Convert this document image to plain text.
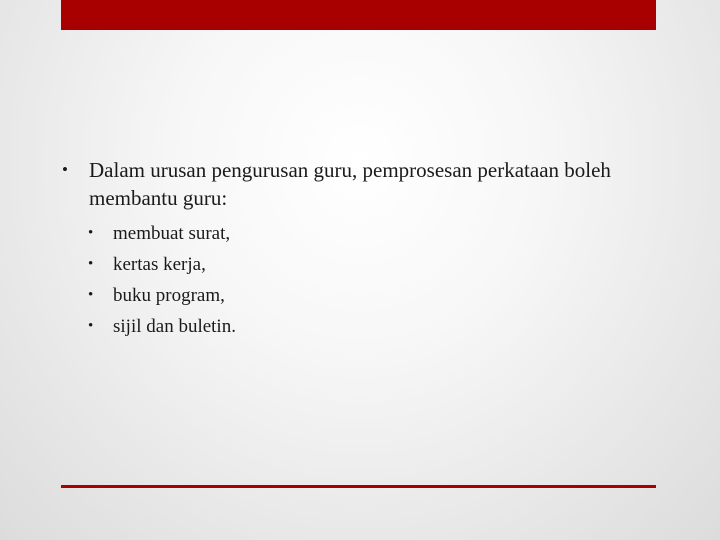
• Dalam urusan pengurusan guru, pemprosesan perkataan boleh membantu guru:
• membuat surat,
• kertas kerja,
• buku program,
• sijil dan buletin.
